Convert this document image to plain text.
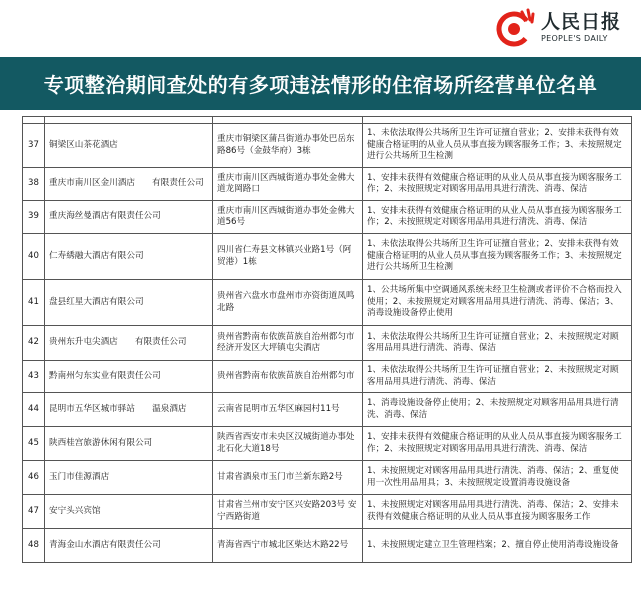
人民日报
PEOPLE'S DAILY
专项整治期间查处的有多项违法情形的住宿场所经营单位名单

37	铜梁区山茶花酒店	重庆市铜梁区蒲吕街道办事处巴岳东路86号（金鼓华府）3栋	1、未依法取得公共场所卫生许可证擅自营业；2、安排未获得有效健康合格证明的从业人员从事直接为顾客服务工作；3、未按照规定进行公共场所卫生检测
38	重庆市南川区金川酒店　　有限责任公司	重庆市南川区西城街道办事处金佛大道龙岡路口	1、安排未获得有效健康合格证明的从业人员从事直接为顾客服务工作；2、未按照规定对顾客用品用具进行清洗、消毒、保洁
39	重庆海丝曼酒店有限责任公司	重庆市南川区西城街道办事处金佛大道56号	1、安排未获得有效健康合格证明的从业人员从事直接为顾客服务工作；2、未按照规定对顾客用品用具进行清洗、消毒、保洁
40	仁寿綉融大酒店有限公司	四川省仁寿县文林镇兴业路1号（阿贸港）1栋	1、未依法取得公共场所卫生许可证擅自营业；2、安排未获得有效健康合格证明的从业人员从事直接为顾客服务工作；3、未按照规定进行公共场所卫生检测
41	盘县红星大酒店有限公司	贵州省六盘水市盘州市亦资街道凤鸣北路	1、公共场所集中空调通风系统未经卫生检测或者评价不合格而投入使用；2、未按照规定对顾客用品用具进行清洗、消毒、保洁；3、消毒设施设备停止使用
42	贵州东升屯尖酒店　　有限责任公司	贵州省黔南布依族苗族自治州都匀市经济开发区大坪镇屯尖酒店	1、未依法取得公共场所卫生许可证擅自营业；2、未按照规定对顾客用品用具进行清洗、消毒、保洁
43	黔南州匀东实业有限责任公司	贵州省黔南布依族苗族自治州都匀市	1、未依法取得公共场所卫生许可证擅自营业；2、未按照规定对顾客用品用具进行清洗、消毒、保洁
44	昆明市五华区城市驿站　　温泉酒店	云南省昆明市五华区麻园村11号	1、消毒设施设备停止使用；2、未按照规定对顾客用品用具进行清洗、消毒、保洁
45	陕西桂宫旅游休闲有限公司	陕西省西安市未央区汉城街道办事处北石化大道18号	1、安排未获得有效健康合格证明的从业人员从事直接为顾客服务工作；2、未按照规定对顾客用品用具进行清洗、消毒、保洁
46	玉门市佳源酒店	甘肃省酒泉市玉门市兰新东路2号	1、未按照规定对顾客用品用具进行清洗、消毒、保洁；2、重复使用一次性用品用具；3、未按照规定设置消毒设施设备
47	安宁头兴宾馆	甘肃省兰州市安宁区兴安路203号 安宁西路街道	1、未按照规定对顾客用品用具进行清洗、消毒、保洁；2、安排未获得有效健康合格证明的从业人员从事直接为顾客服务工作
48	青海金山水酒店有限责任公司	青海省西宁市城北区柴达木路22号	1、未按照规定建立卫生管理档案；2、擅自停止使用消毒设施设备
